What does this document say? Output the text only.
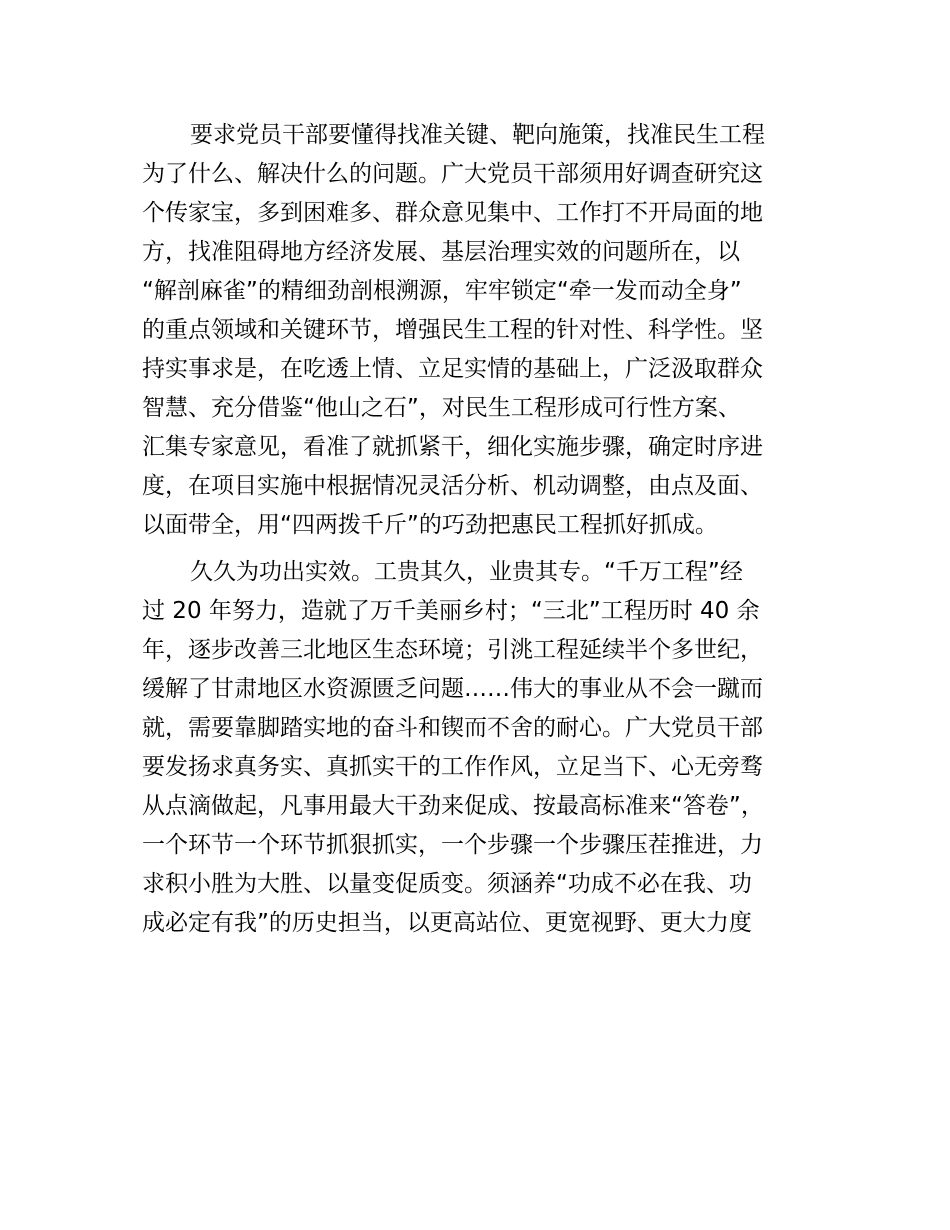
要求党员干部要懂得找准关键、靶向施策，找准民生工程
为了什么、解决什么的问题。广大党员干部须用好调查研究这
个传家宝，多到困难多、群众意见集中、工作打不开局面的地
方，找准阻碍地方经济发展、基层治理实效的问题所在，以
“解剖麻雀”的精细劲剖根溯源，牢牢锁定“牵一发而动全身”
的重点领域和关键环节，增强民生工程的针对性、科学性。坚
持实事求是，在吃透上情、立足实情的基础上，广泛汲取群众
智慧、充分借鉴“他山之石”，对民生工程形成可行性方案、
汇集专家意见，看准了就抓紧干，细化实施步骤，确定时序进
度，在项目实施中根据情况灵活分析、机动调整，由点及面、
以面带全，用“四两拨千斤”的巧劲把惠民工程抓好抓成。
久久为功出实效。工贵其久，业贵其专。“千万工程”经
过 20 年努力，造就了万千美丽乡村；“三北”工程历时 40 余
年，逐步改善三北地区生态环境；引洮工程延续半个多世纪，
缓解了甘肃地区水资源匮乏问题……伟大的事业从不会一蹴而
就，需要靠脚踏实地的奋斗和锲而不舍的耐心。广大党员干部
要发扬求真务实、真抓实干的工作作风，立足当下、心无旁骛
从点滴做起，凡事用最大干劲来促成、按最高标准来“答卷”，
一个环节一个环节抓狠抓实，一个步骤一个步骤压茬推进，力
求积小胜为大胜、以量变促质变。须涵养“功成不必在我、功
成必定有我”的历史担当，以更高站位、更宽视野、更大力度
